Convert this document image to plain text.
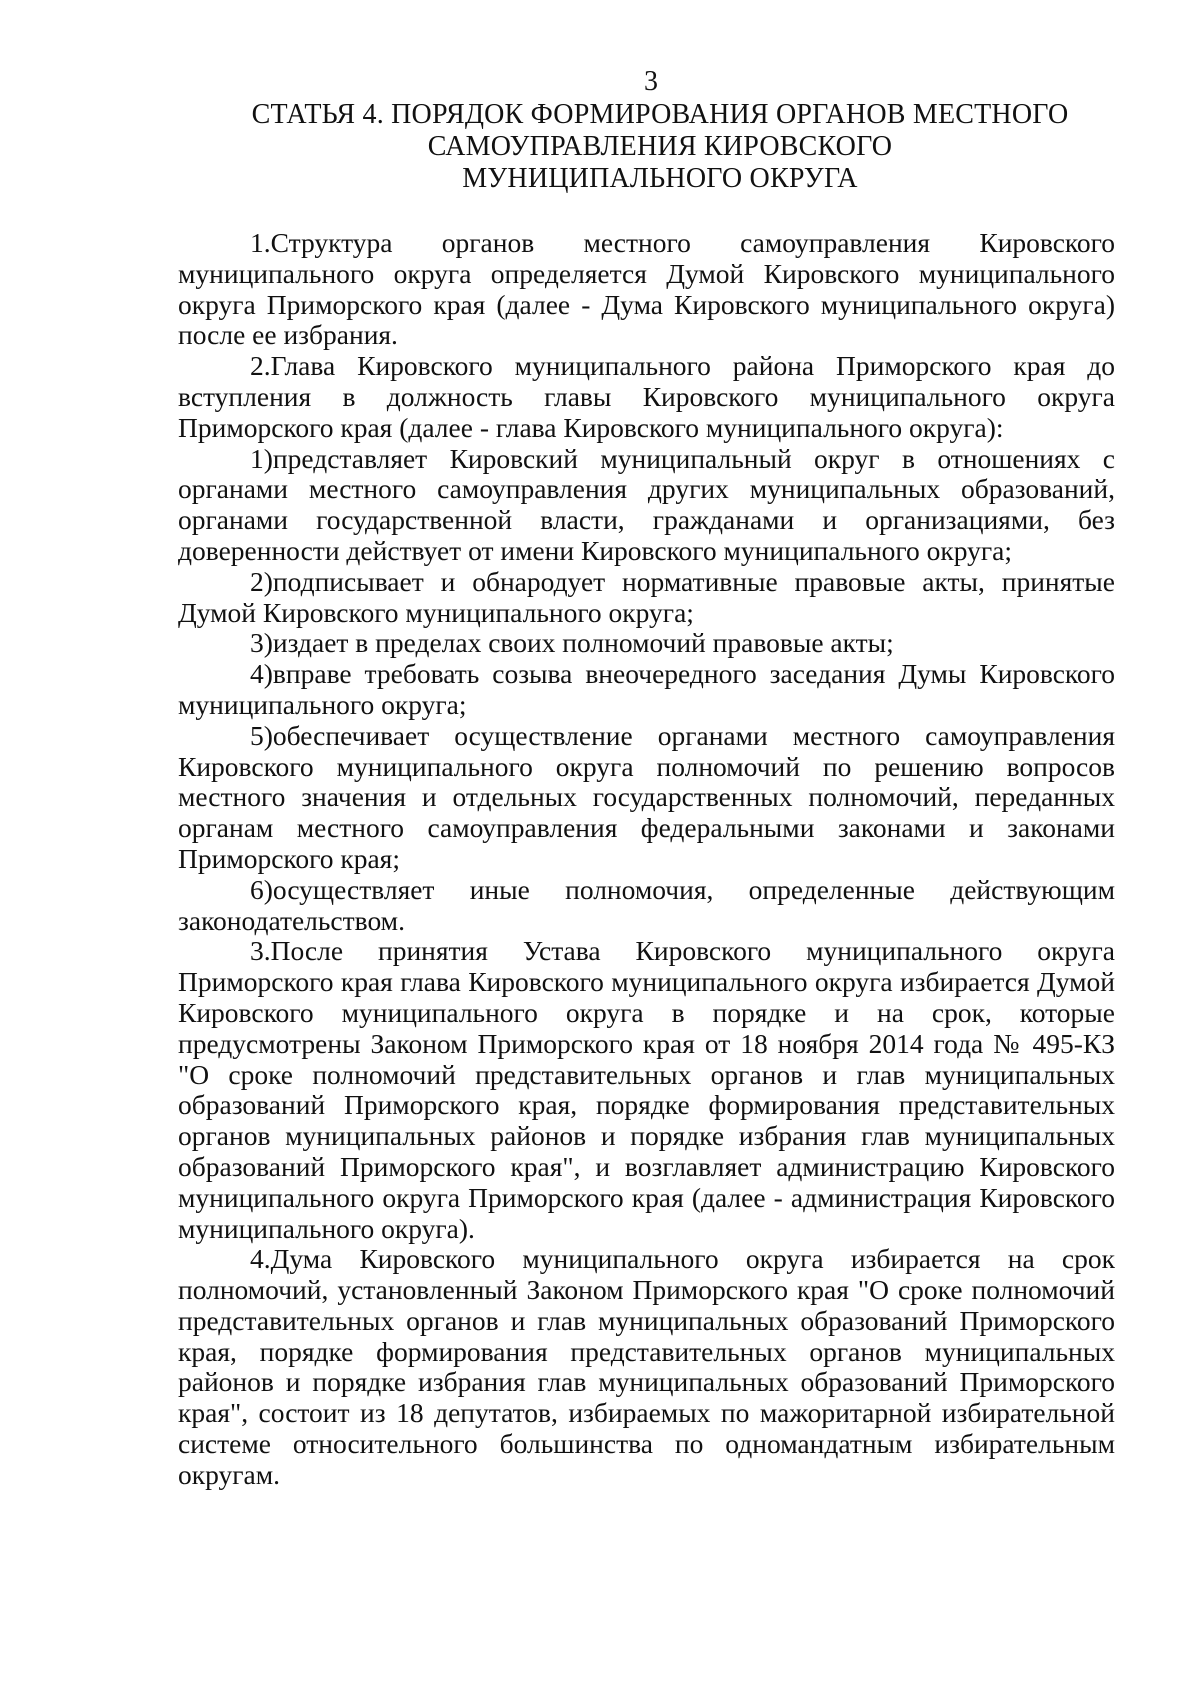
3
СТАТЬЯ 4. ПОРЯДОК ФОРМИРОВАНИЯ ОРГАНОВ МЕСТНОГО
САМОУПРАВЛЕНИЯ КИРОВСКОГО
МУНИЦИПАЛЬНОГО ОКРУГА

1.Структура органов местного самоуправления Кировского муниципального округа определяется Думой Кировского муниципального округа Приморского края (далее - Дума Кировского муниципального округа) после ее избрания.

2.Глава Кировского муниципального района Приморского края до вступления в должность главы Кировского муниципального округа Приморского края (далее - глава Кировского муниципального округа):

1)представляет Кировский муниципальный округ в отношениях с органами местного самоуправления других муниципальных образований, органами государственной власти, гражданами и организациями, без доверенности действует от имени Кировского муниципального округа;

2)подписывает и обнародует нормативные правовые акты, принятые Думой Кировского муниципального округа;

3)издает в пределах своих полномочий правовые акты;

4)вправе требовать созыва внеочередного заседания Думы Кировского муниципального округа;

5)обеспечивает осуществление органами местного самоуправления Кировского муниципального округа полномочий по решению вопросов местного значения и отдельных государственных полномочий, переданных органам местного самоуправления федеральными законами и законами Приморского края;

6)осуществляет иные полномочия, определенные действующим законодательством.

3.После принятия Устава Кировского муниципального округа Приморского края глава Кировского муниципального округа избирается Думой Кировского муниципального округа в порядке и на срок, которые предусмотрены Законом Приморского края от 18 ноября 2014 года № 495-КЗ "О сроке полномочий представительных органов и глав муниципальных образований Приморского края, порядке формирования представительных органов муниципальных районов и порядке избрания глав муниципальных образований Приморского края", и возглавляет администрацию Кировского муниципального округа Приморского края (далее - администрация Кировского муниципального округа).

4.Дума Кировского муниципального округа избирается на срок полномочий, установленный Законом Приморского края "О сроке полномочий представительных органов и глав муниципальных образований Приморского края, порядке формирования представительных органов муниципальных районов и порядке избрания глав муниципальных образований Приморского края", состоит из 18 депутатов, избираемых по мажоритарной избирательной системе относительного большинства по одномандатным избирательным округам.
